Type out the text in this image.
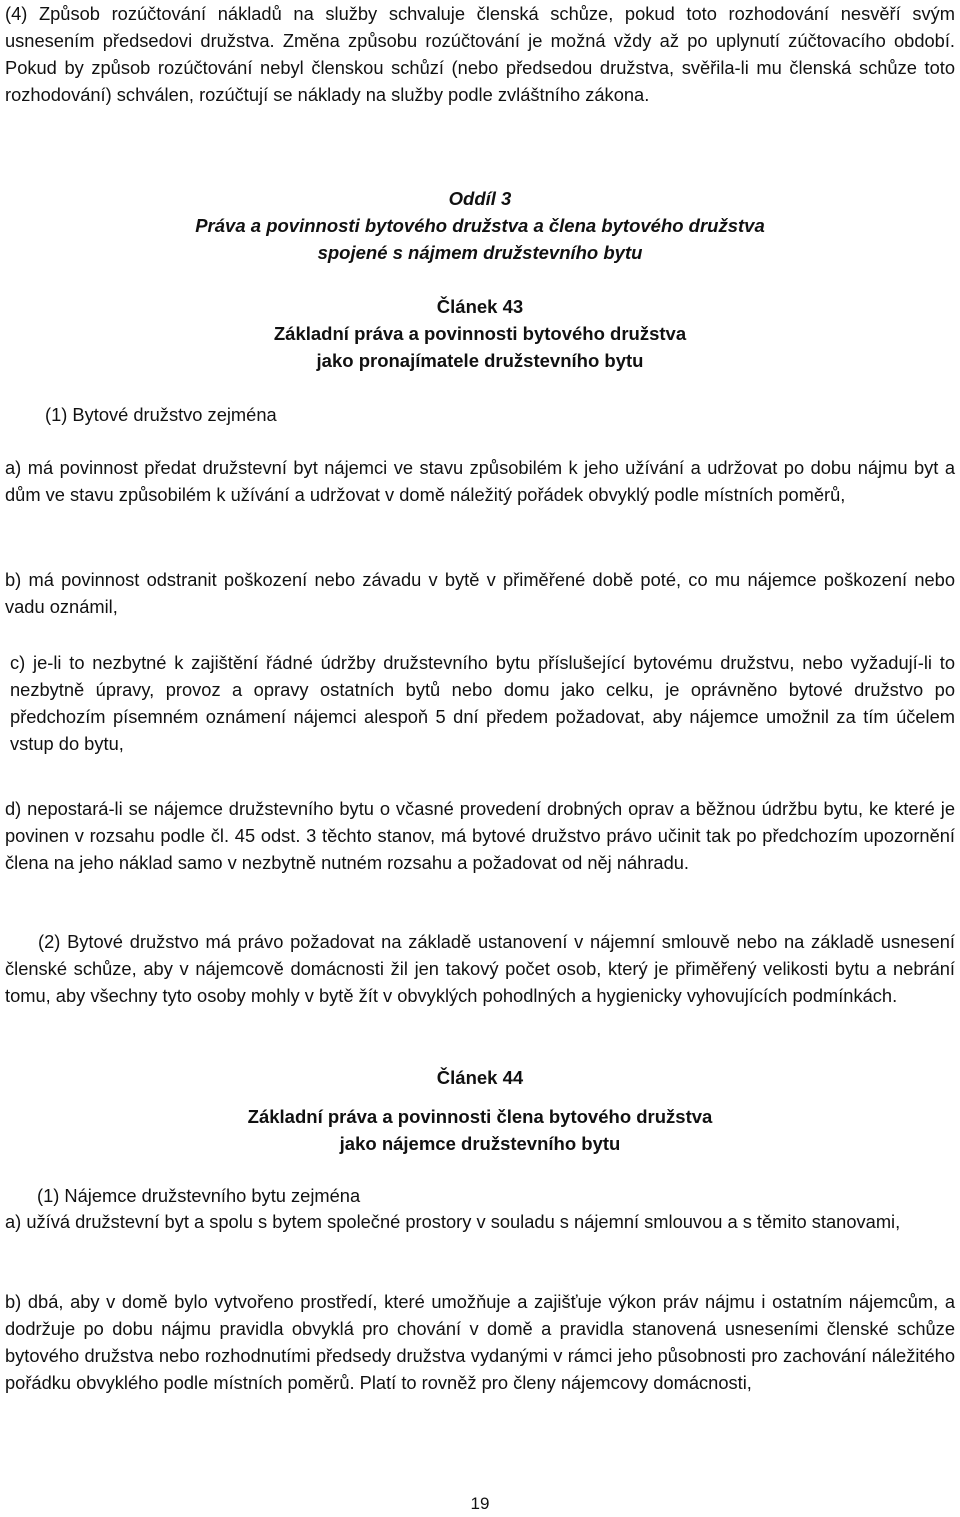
(4) Způsob rozúčtování nákladů na služby schvaluje členská schůze, pokud toto rozhodování nesvěří svým usnesením předsedovi družstva. Změna způsobu rozúčtování je možná vždy až po uplynutí zúčtovacího období. Pokud by způsob rozúčtování nebyl členskou schůzí (nebo předsedou družstva, svěřila-li mu členská schůze toto rozhodování) schválen, rozúčtují se náklady na služby podle zvláštního zákona.

Oddíl 3
Práva a povinnosti bytového družstva a člena bytového družstva
spojené s nájmem družstevního bytu
Článek 43
Základní práva a povinnosti bytového družstva
jako pronajímatele družstevního bytu

(1) Bytové družstvo zejména

a) má povinnost předat družstevní byt nájemci ve stavu způsobilém k jeho užívání a udržovat po dobu nájmu byt a dům ve stavu způsobilém k užívání a udržovat v domě náležitý pořádek obvyklý podle místních poměrů,

b) má povinnost odstranit poškození nebo závadu v bytě v přiměřené době poté, co mu nájemce poškození nebo vadu oznámil,

c) je-li to nezbytné k zajištění řádné údržby družstevního bytu příslušející bytovému družstvu, nebo vyžadují-li to nezbytně úpravy, provoz a opravy ostatních bytů nebo domu jako celku, je oprávněno bytové družstvo po předchozím písemném oznámení nájemci alespoň 5 dní předem požadovat, aby nájemce umožnil za tím účelem vstup do bytu,

d) nepostará-li se nájemce družstevního bytu o včasné provedení drobných oprav a běžnou údržbu bytu, ke které je povinen v rozsahu podle čl. 45 odst. 3 těchto stanov, má bytové družstvo právo učinit tak po předchozím upozornění člena na jeho náklad samo v nezbytně nutném rozsahu a požadovat od něj náhradu.

(2) Bytové družstvo má právo požadovat na základě ustanovení v nájemní smlouvě nebo na základě usnesení členské schůze, aby v nájemcově domácnosti žil jen takový počet osob, který je přiměřený velikosti bytu a nebrání tomu, aby všechny tyto osoby mohly v bytě žít v obvyklých pohodlných a hygienicky vyhovujících podmínkách.

Článek 44
Základní práva a povinnosti člena bytového družstva
jako nájemce družstevního bytu

(1) Nájemce družstevního bytu zejména

a) užívá družstevní byt a spolu s bytem společné prostory v souladu s nájemní smlouvou a s těmito stanovami,

b) dbá, aby v domě bylo vytvořeno prostředí, které umožňuje a zajišťuje výkon práv nájmu i ostatním nájemcům, a dodržuje po dobu nájmu pravidla obvyklá pro chování v domě a pravidla stanovená usneseními členské schůze bytového družstva nebo rozhodnutími předsedy družstva vydanými v rámci jeho působnosti pro zachování náležitého pořádku obvyklého podle místních poměrů. Platí to rovněž pro členy nájemcovy domácnosti,

19
